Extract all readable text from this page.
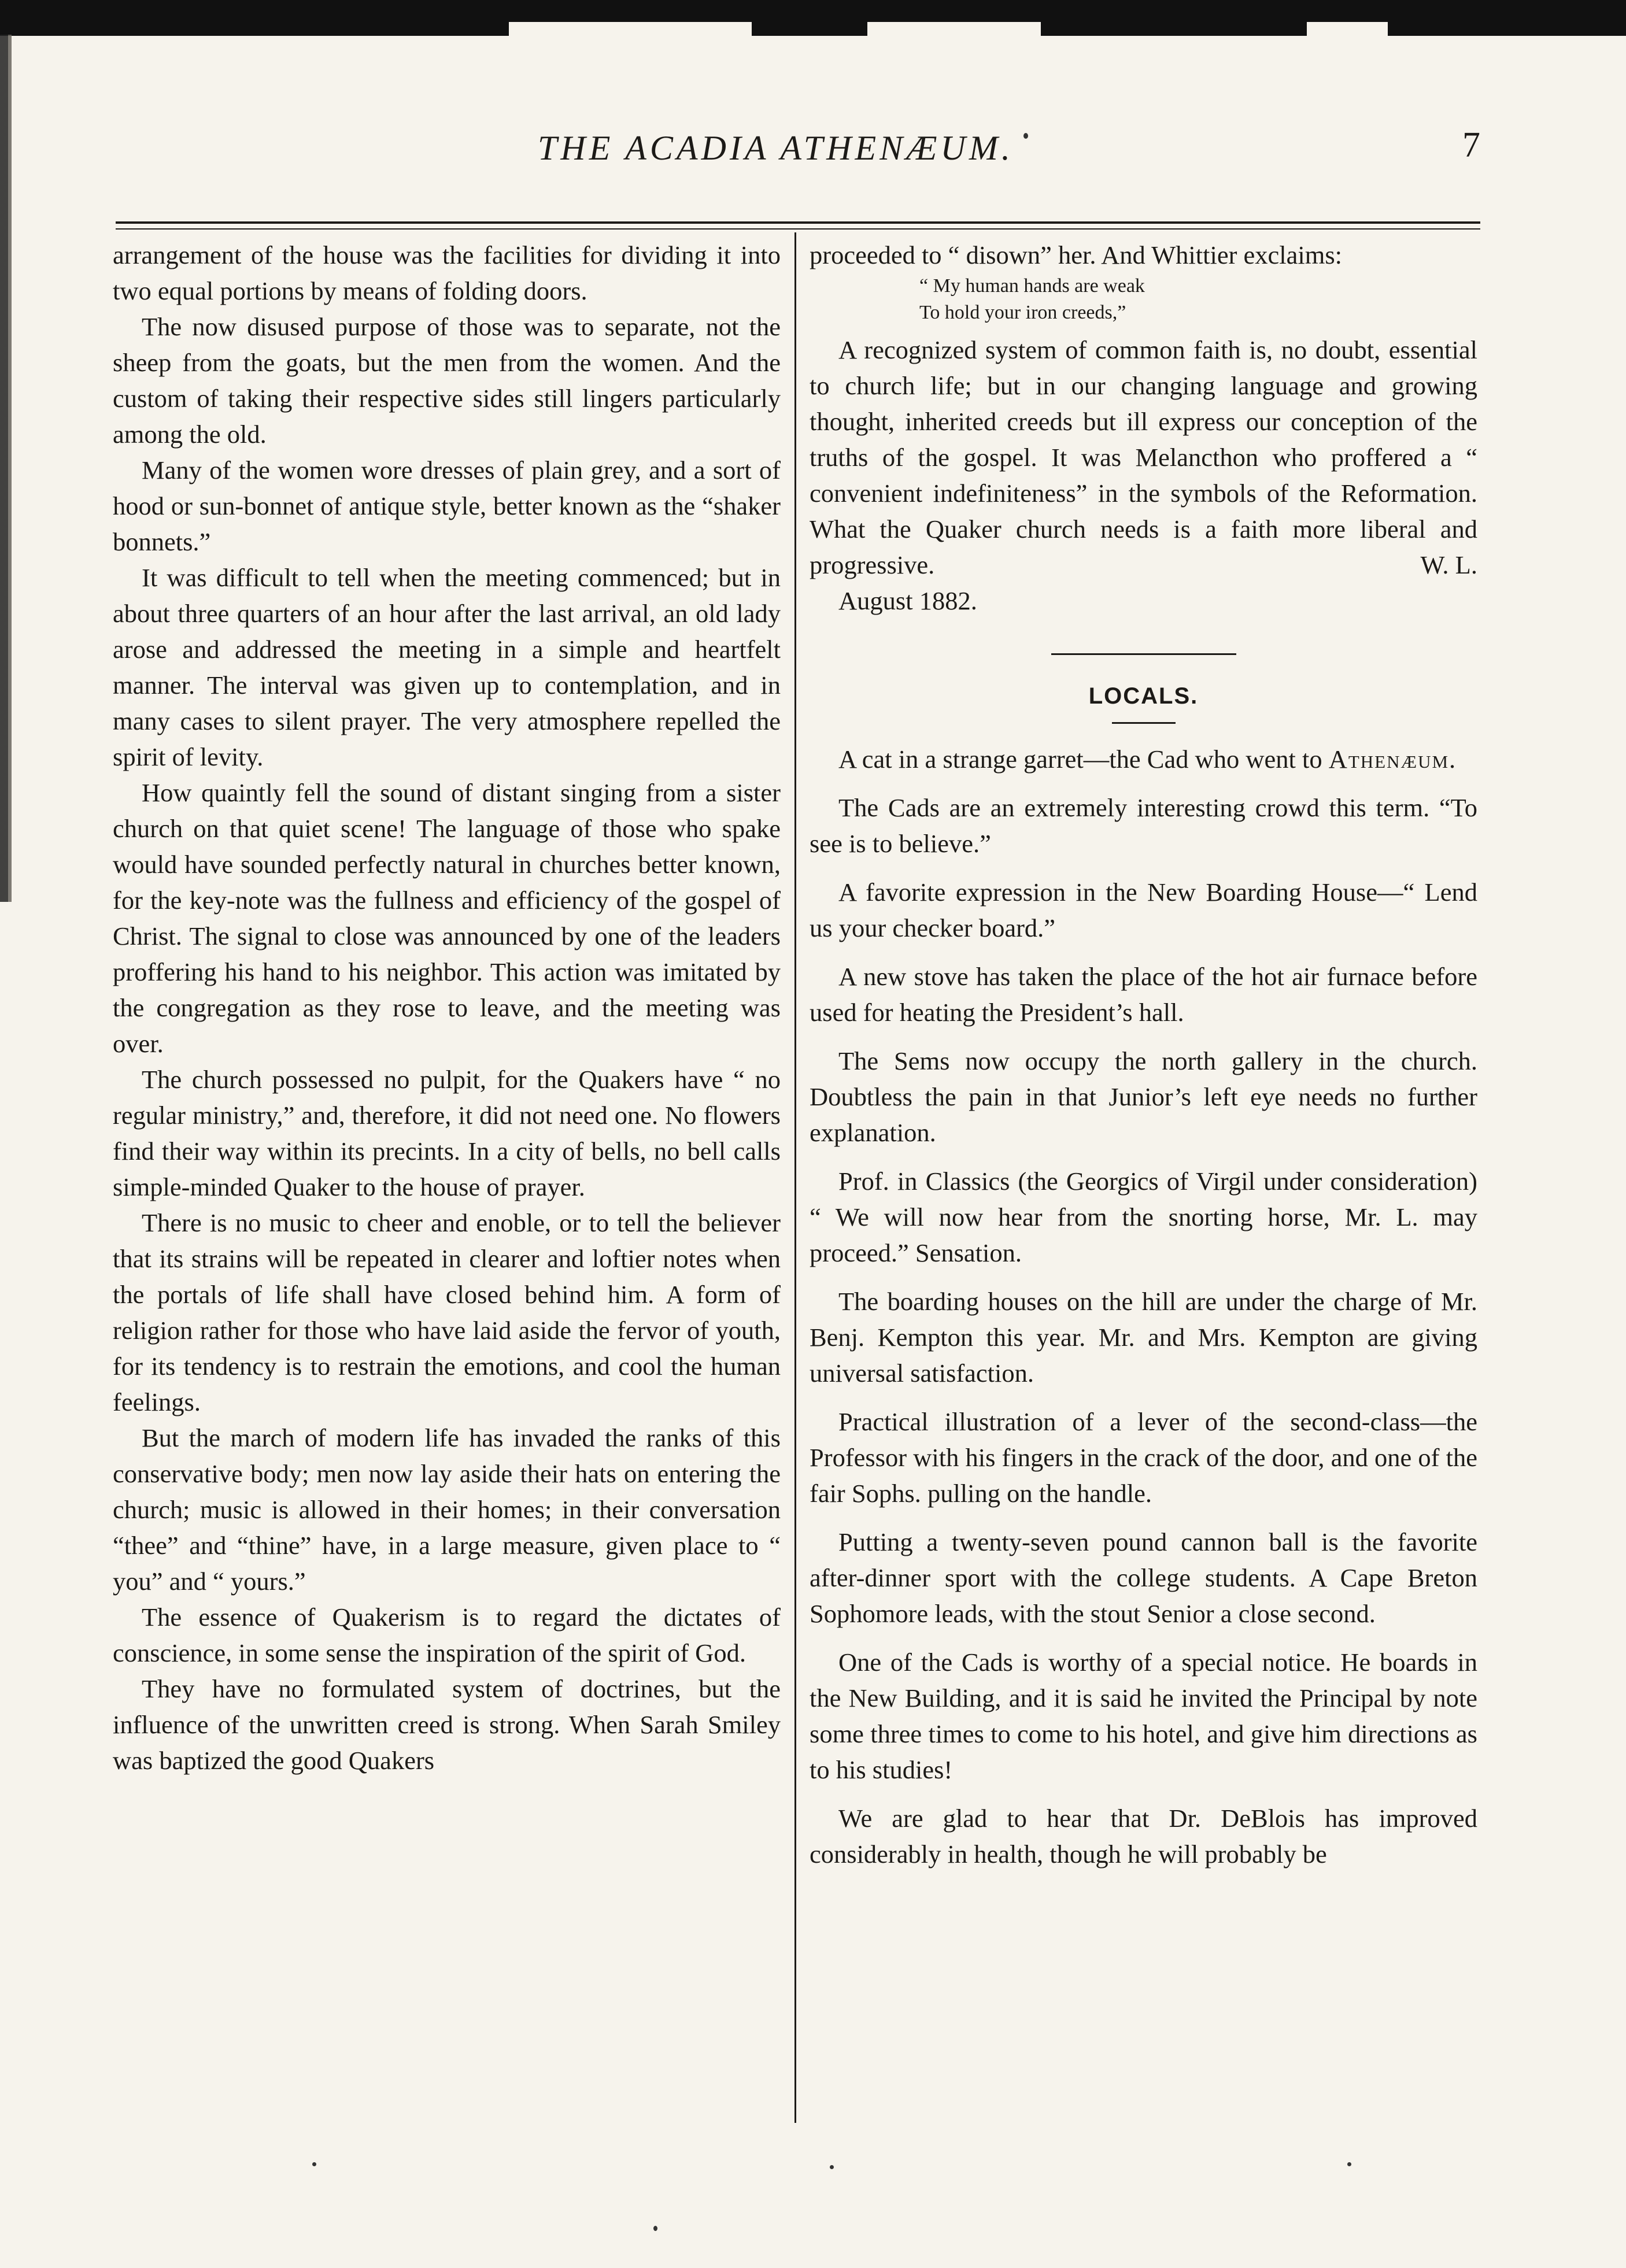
THE ACADIA ATHENÆUM.	7

arrangement of the house was the facilities for dividing it into two equal portions by means of folding doors.

The now disused purpose of those was to separate, not the sheep from the goats, but the men from the women. And the custom of taking their respective sides still lingers particularly among the old.

Many of the women wore dresses of plain grey, and a sort of hood or sun-bonnet of antique style, better known as the “shaker bonnets.”

It was difficult to tell when the meeting commenced; but in about three quarters of an hour after the last arrival, an old lady arose and addressed the meeting in a simple and heartfelt manner. The interval was given up to contemplation, and in many cases to silent prayer. The very atmosphere repelled the spirit of levity.

How quaintly fell the sound of distant singing from a sister church on that quiet scene! The language of those who spake would have sounded perfectly natural in churches better known, for the key-note was the fullness and efficiency of the gospel of Christ. The signal to close was announced by one of the leaders proffering his hand to his neighbor. This action was imitated by the congregation as they rose to leave, and the meeting was over.

The church possessed no pulpit, for the Quakers have “ no regular ministry,” and, therefore, it did not need one. No flowers find their way within its precints. In a city of bells, no bell calls simple-minded Quaker to the house of prayer.

There is no music to cheer and enoble, or to tell the believer that its strains will be repeated in clearer and loftier notes when the portals of life shall have closed behind him. A form of religion rather for those who have laid aside the fervor of youth, for its tendency is to restrain the emotions, and cool the human feelings.

But the march of modern life has invaded the ranks of this conservative body; men now lay aside their hats on entering the church; music is allowed in their homes; in their conversation “thee” and “thine” have, in a large measure, given place to “ you” and “ yours.”

The essence of Quakerism is to regard the dictates of conscience, in some sense the inspiration of the spirit of God.

They have no formulated system of doctrines, but the influence of the unwritten creed is strong. When Sarah Smiley was baptized the good Quakers

proceeded to “ disown” her. And Whittier exclaims:

“ My human hands are weak
To hold your iron creeds,”

A recognized system of common faith is, no doubt, essential to church life; but in our changing language and growing thought, inherited creeds but ill express our conception of the truths of the gospel. It was Melancthon who proffered a “ convenient indefiniteness” in the symbols of the Reformation. What the Quaker church needs is a faith more liberal and progressive.	W. L.

August 1882.
LOCALS.

A cat in a strange garret—the Cad who went to Athenæum.

The Cads are an extremely interesting crowd this term. “To see is to believe.”

A favorite expression in the New Boarding House—“ Lend us your checker board.”

A new stove has taken the place of the hot air furnace before used for heating the President’s hall.

The Sems now occupy the north gallery in the church. Doubtless the pain in that Junior’s left eye needs no further explanation.

Prof. in Classics (the Georgics of Virgil under consideration) “ We will now hear from the snorting horse, Mr. L. may proceed.” Sensation.

The boarding houses on the hill are under the charge of Mr. Benj. Kempton this year. Mr. and Mrs. Kempton are giving universal satisfaction.

Practical illustration of a lever of the second-class—the Professor with his fingers in the crack of the door, and one of the fair Sophs. pulling on the handle.

Putting a twenty-seven pound cannon ball is the favorite after-dinner sport with the college students. A Cape Breton Sophomore leads, with the stout Senior a close second.

One of the Cads is worthy of a special notice. He boards in the New Building, and it is said he invited the Principal by note some three times to come to his hotel, and give him directions as to his studies!

We are glad to hear that Dr. DeBlois has improved considerably in health, though he will probably be
